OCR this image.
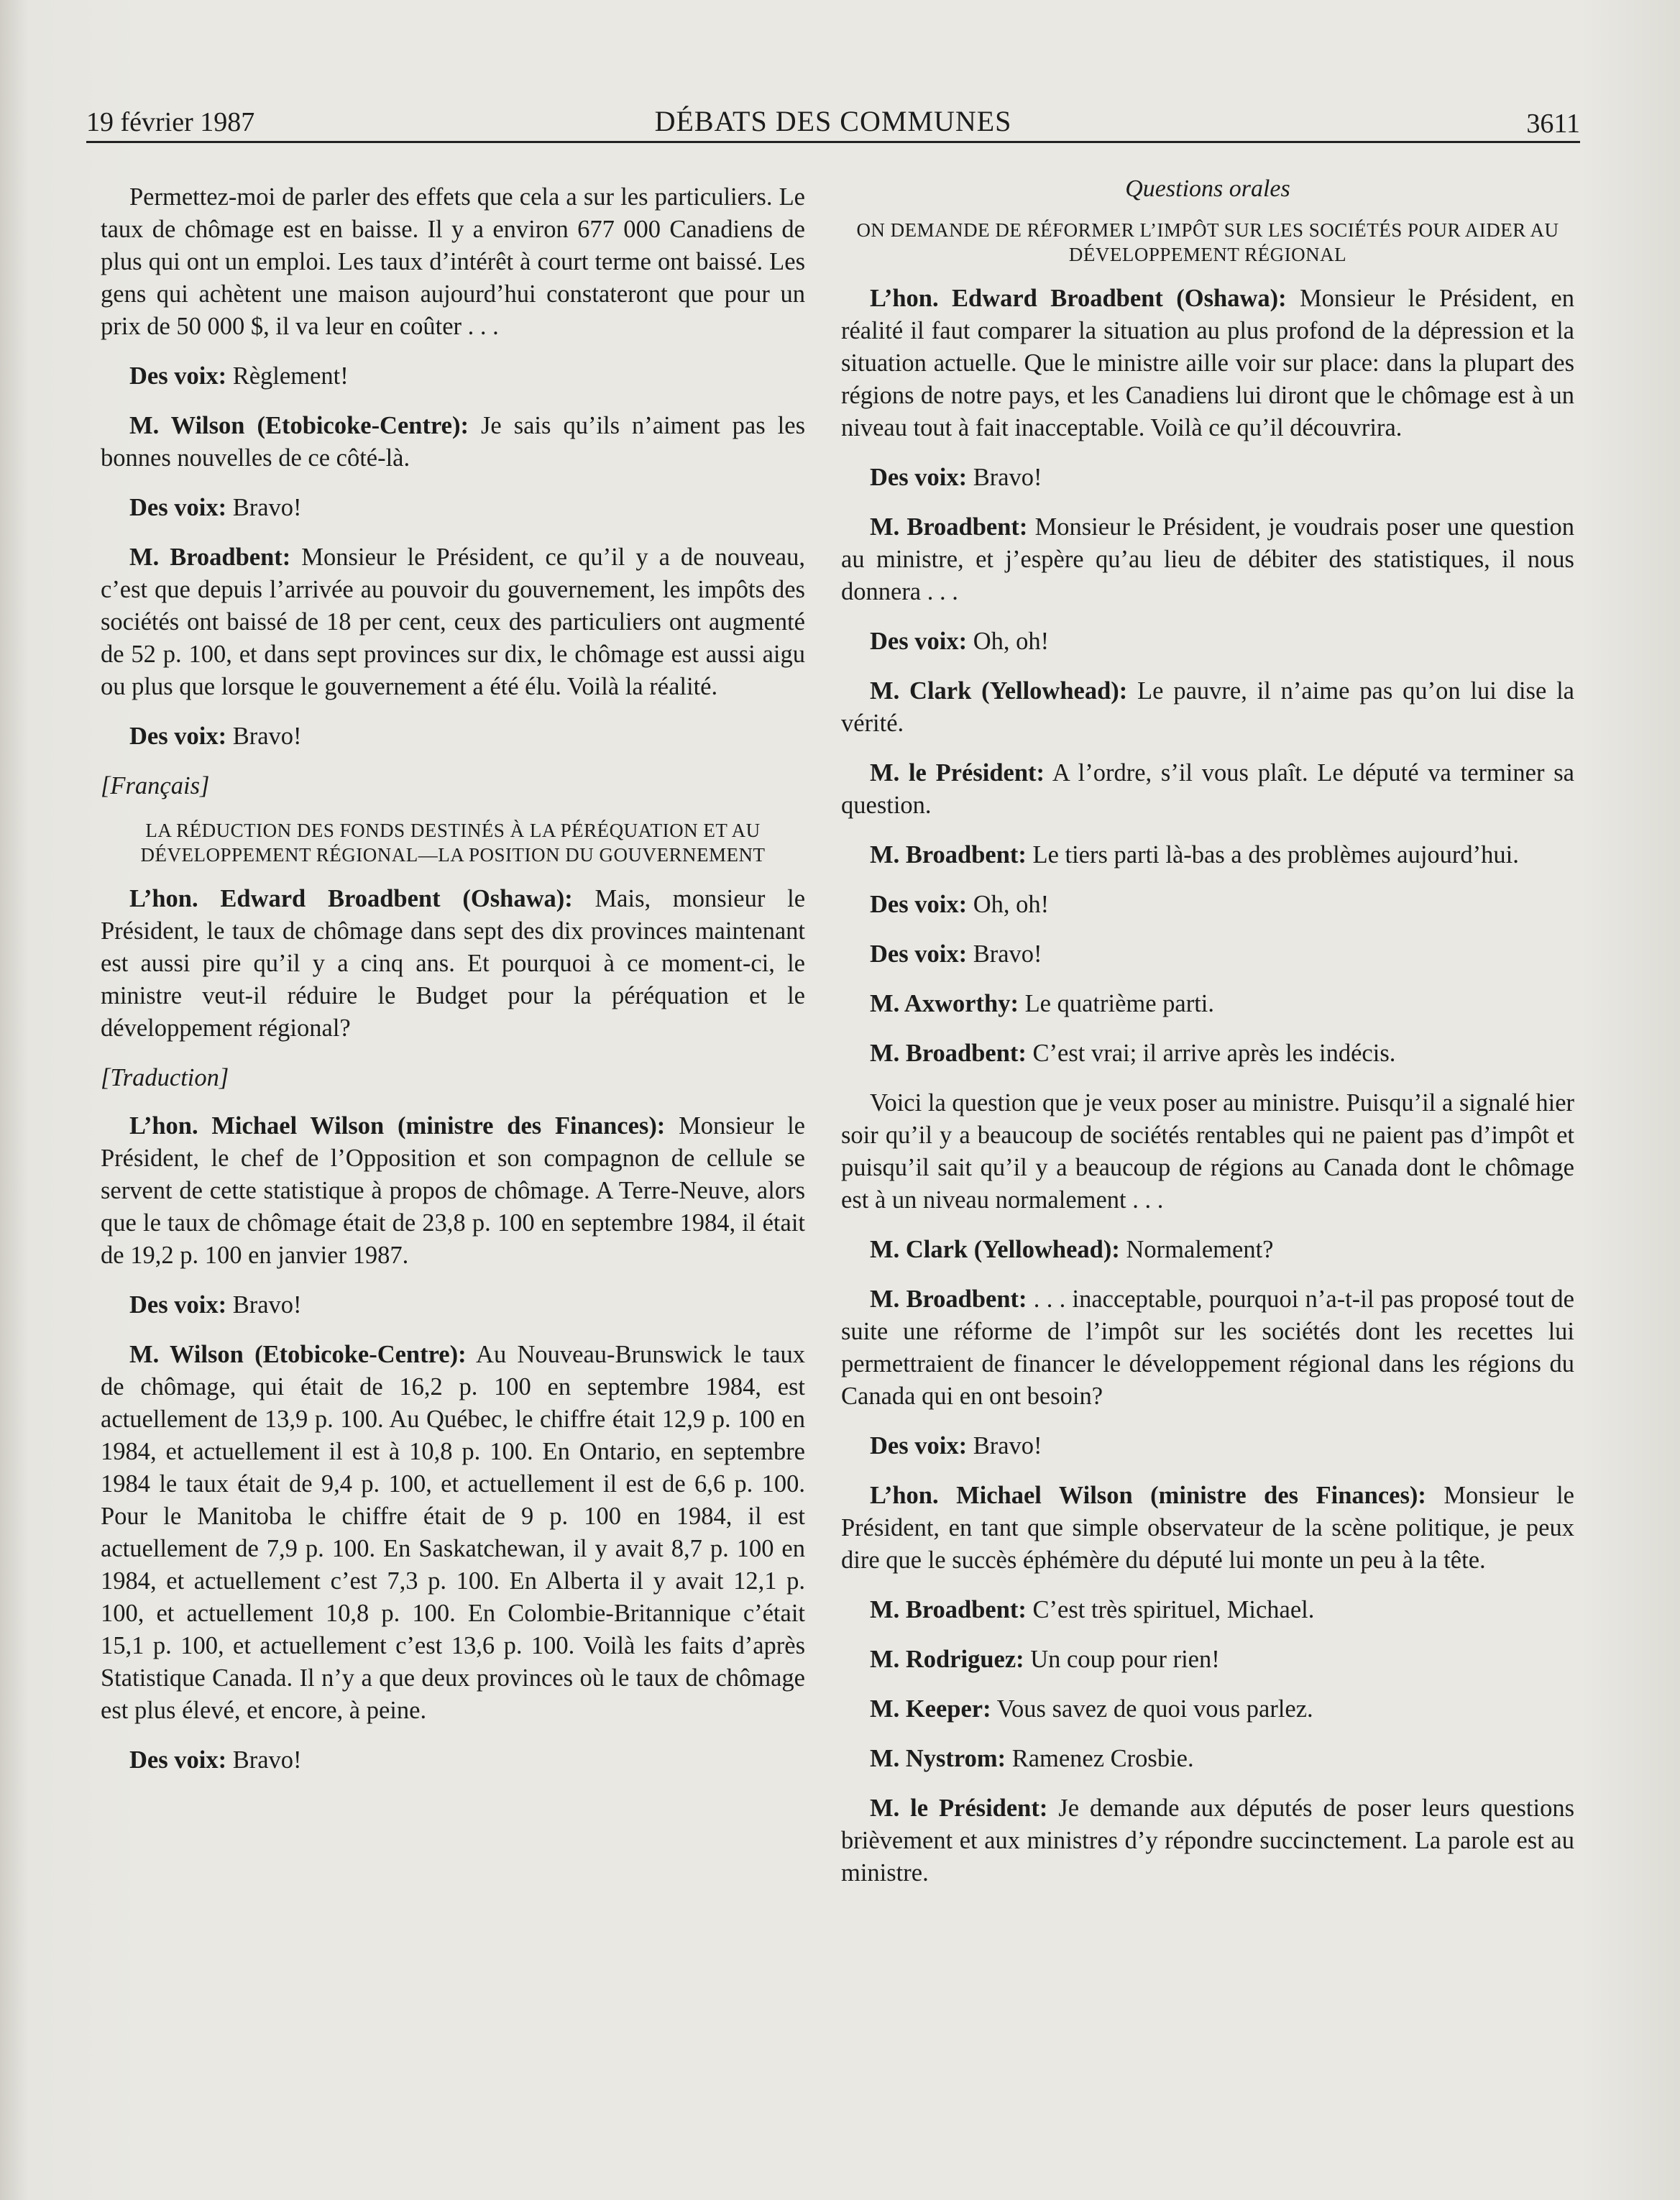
19 février 1987	DÉBATS DES COMMUNES	3611

Permettez-moi de parler des effets que cela a sur les particuliers. Le taux de chômage est en baisse. Il y a environ 677 000 Canadiens de plus qui ont un emploi. Les taux d’intérêt à court terme ont baissé. Les gens qui achètent une maison aujourd’hui constateront que pour un prix de 50 000 $, il va leur en coûter . . .

Des voix: Règlement!

M. Wilson (Etobicoke-Centre): Je sais qu’ils n’aiment pas les bonnes nouvelles de ce côté-là.

Des voix: Bravo!

M. Broadbent: Monsieur le Président, ce qu’il y a de nouveau, c’est que depuis l’arrivée au pouvoir du gouvernement, les impôts des sociétés ont baissé de 18 per cent, ceux des particuliers ont augmenté de 52 p. 100, et dans sept provinces sur dix, le chômage est aussi aigu ou plus que lorsque le gouvernement a été élu. Voilà la réalité.

Des voix: Bravo!

[Français]
LA RÉDUCTION DES FONDS DESTINÉS À LA PÉRÉQUATION ET AU DÉVELOPPEMENT RÉGIONAL—LA POSITION DU GOUVERNEMENT

L’hon. Edward Broadbent (Oshawa): Mais, monsieur le Président, le taux de chômage dans sept des dix provinces maintenant est aussi pire qu’il y a cinq ans. Et pourquoi à ce moment-ci, le ministre veut-il réduire le Budget pour la péréquation et le développement régional?

[Traduction]

L’hon. Michael Wilson (ministre des Finances): Monsieur le Président, le chef de l’Opposition et son compagnon de cellule se servent de cette statistique à propos de chômage. A Terre-Neuve, alors que le taux de chômage était de 23,8 p. 100 en septembre 1984, il était de 19,2 p. 100 en janvier 1987.

Des voix: Bravo!

M. Wilson (Etobicoke-Centre): Au Nouveau-Brunswick le taux de chômage, qui était de 16,2 p. 100 en septembre 1984, est actuellement de 13,9 p. 100. Au Québec, le chiffre était 12,9 p. 100 en 1984, et actuellement il est à 10,8 p. 100. En Ontario, en septembre 1984 le taux était de 9,4 p. 100, et actuellement il est de 6,6 p. 100. Pour le Manitoba le chiffre était de 9 p. 100 en 1984, il est actuellement de 7,9 p. 100. En Saskatchewan, il y avait 8,7 p. 100 en 1984, et actuellement c’est 7,3 p. 100. En Alberta il y avait 12,1 p. 100, et actuellement 10,8 p. 100. En Colombie-Britannique c’était 15,1 p. 100, et actuellement c’est 13,6 p. 100. Voilà les faits d’après Statistique Canada. Il n’y a que deux provinces où le taux de chômage est plus élevé, et encore, à peine.

Des voix: Bravo!

Questions orales
ON DEMANDE DE RÉFORMER L’IMPÔT SUR LES SOCIÉTÉS POUR AIDER AU DÉVELOPPEMENT RÉGIONAL

L’hon. Edward Broadbent (Oshawa): Monsieur le Président, en réalité il faut comparer la situation au plus profond de la dépression et la situation actuelle. Que le ministre aille voir sur place: dans la plupart des régions de notre pays, et les Canadiens lui diront que le chômage est à un niveau tout à fait inacceptable. Voilà ce qu’il découvrira.

Des voix: Bravo!

M. Broadbent: Monsieur le Président, je voudrais poser une question au ministre, et j’espère qu’au lieu de débiter des statistiques, il nous donnera . . .

Des voix: Oh, oh!

M. Clark (Yellowhead): Le pauvre, il n’aime pas qu’on lui dise la vérité.

M. le Président: A l’ordre, s’il vous plaît. Le député va terminer sa question.

M. Broadbent: Le tiers parti là-bas a des problèmes aujourd’hui.

Des voix: Oh, oh!

Des voix: Bravo!

M. Axworthy: Le quatrième parti.

M. Broadbent: C’est vrai; il arrive après les indécis.

Voici la question que je veux poser au ministre. Puisqu’il a signalé hier soir qu’il y a beaucoup de sociétés rentables qui ne paient pas d’impôt et puisqu’il sait qu’il y a beaucoup de régions au Canada dont le chômage est à un niveau normalement . . .

M. Clark (Yellowhead): Normalement?

M. Broadbent: . . . inacceptable, pourquoi n’a-t-il pas proposé tout de suite une réforme de l’impôt sur les sociétés dont les recettes lui permettraient de financer le développement régional dans les régions du Canada qui en ont besoin?

Des voix: Bravo!

L’hon. Michael Wilson (ministre des Finances): Monsieur le Président, en tant que simple observateur de la scène politique, je peux dire que le succès éphémère du député lui monte un peu à la tête.

M. Broadbent: C’est très spirituel, Michael.

M. Rodriguez: Un coup pour rien!

M. Keeper: Vous savez de quoi vous parlez.

M. Nystrom: Ramenez Crosbie.

M. le Président: Je demande aux députés de poser leurs questions brièvement et aux ministres d’y répondre succinctement. La parole est au ministre.
